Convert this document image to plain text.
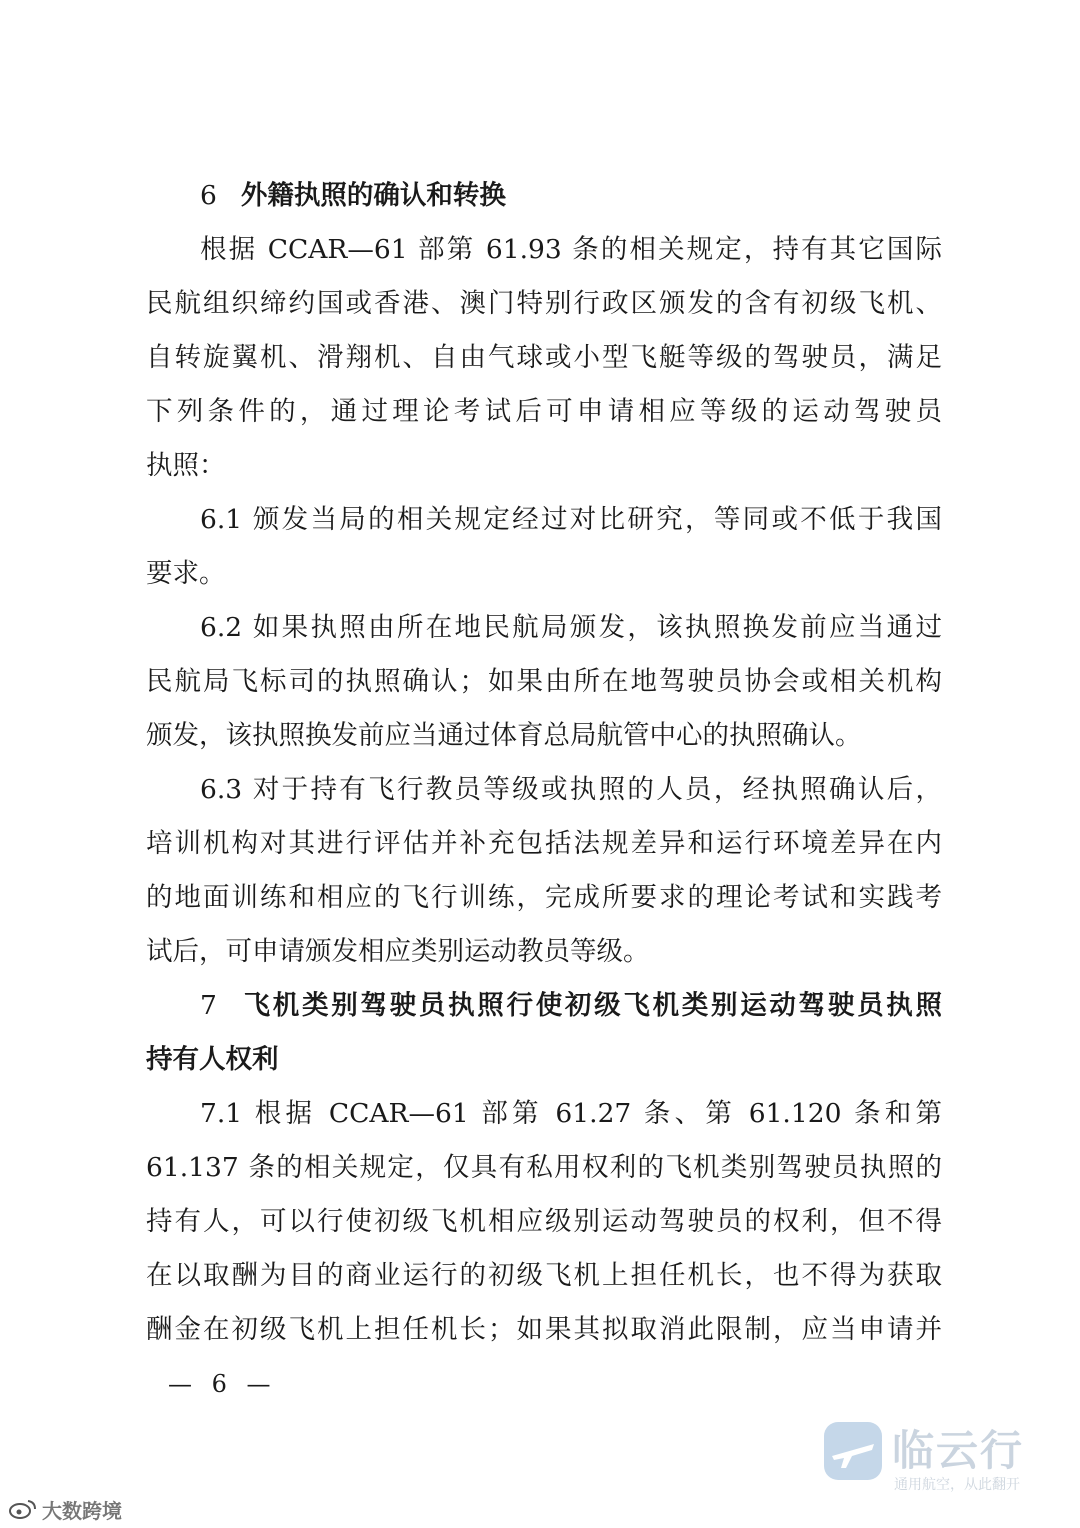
6 外籍执照的确认和转换
根据 CCAR—61 部第 61.93 条的相关规定，持有其它国际
民航组织缔约国或香港、澳门特别行政区颁发的含有初级飞机、
自转旋翼机、滑翔机、自由气球或小型飞艇等级的驾驶员，满足
下列条件的，通过理论考试后可申请相应等级的运动驾驶员
执照：
6.1 颁发当局的相关规定经过对比研究，等同或不低于我国
要求。
6.2 如果执照由所在地民航局颁发，该执照换发前应当通过
民航局飞标司的执照确认；如果由所在地驾驶员协会或相关机构
颁发，该执照换发前应当通过体育总局航管中心的执照确认。
6.3 对于持有飞行教员等级或执照的人员，经执照确认后，
培训机构对其进行评估并补充包括法规差异和运行环境差异在内
的地面训练和相应的飞行训练，完成所要求的理论考试和实践考
试后，可申请颁发相应类别运动教员等级。
7 飞机类别驾驶员执照行使初级飞机类别运动驾驶员执照
持有人权利
7.1 根据 CCAR—61 部第 61.27 条、第 61.120 条和第
61.137 条的相关规定，仅具有私用权利的飞机类别驾驶员执照的
持有人，可以行使初级飞机相应级别运动驾驶员的权利，但不得
在以取酬为目的商业运行的初级飞机上担任机长，也不得为获取
酬金在初级飞机上担任机长；如果其拟取消此限制，应当申请并
— 6 —
临云行
通用航空，从此翻开
大数跨境
